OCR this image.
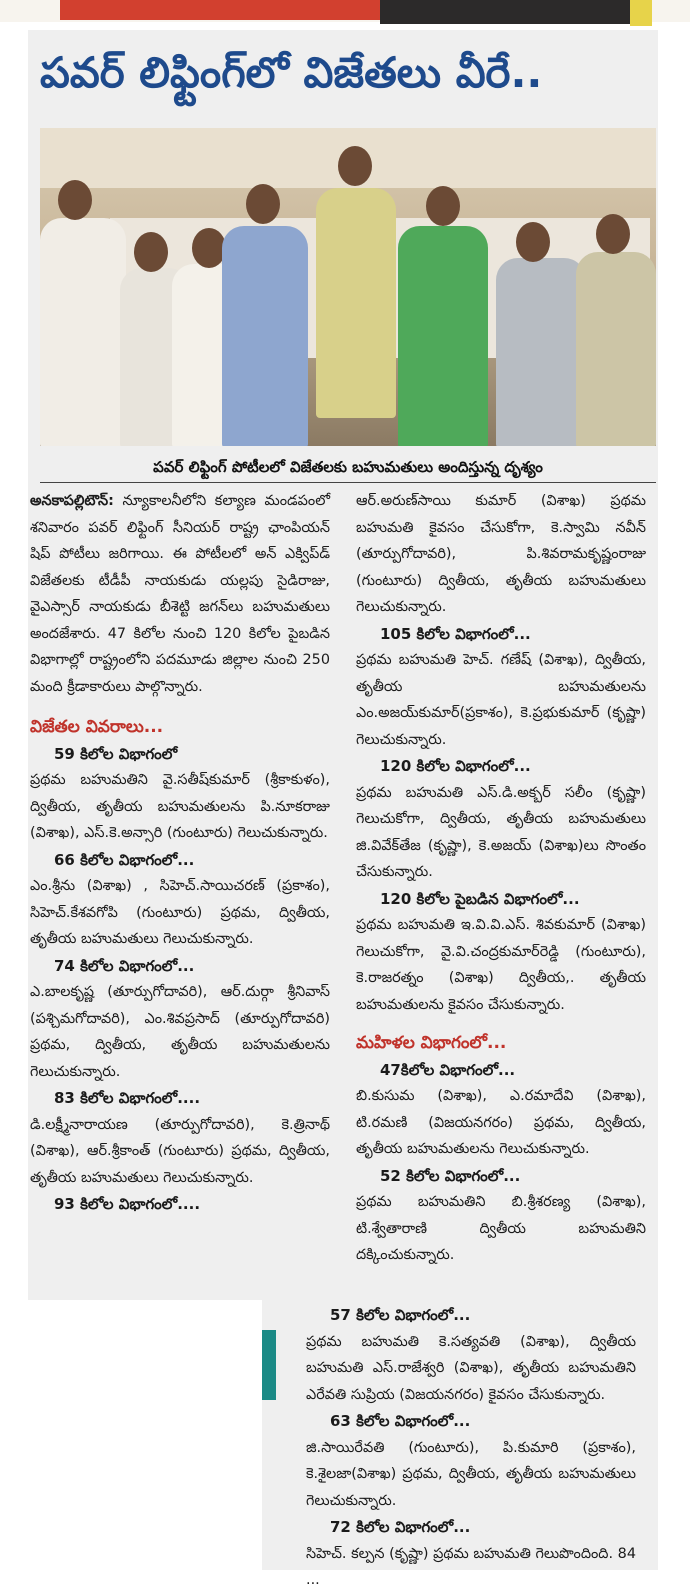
పవర్ లిఫ్టింగ్‌లో విజేతలు వీరే..
పవర్ లిఫ్టింగ్ పోటీలలో విజేతలకు బహుమతులు అందిస్తున్న దృశ్యం

అనకాపల్లిటౌన్: న్యూకాలనీలోని కల్యాణ మండపంలో శనివారం పవర్ లిఫ్టింగ్ సీనియర్ రాష్ట్ర ఛాంపియన్ షిప్ పోటీలు జరిగాయి. ఈ పోటీలలో అన్ ఎక్విప్‌డ్ విజేతలకు టీడీపీ నాయకుడు యల్లపు సైడిరాజు, వైఎస్సార్ నాయకుడు బీశెట్టి జగన్‌లు బహుమతులు అందజేశారు. 47 కిలోల నుంచి 120 కిలోల పైబడిన విభాగాల్లో రాష్ట్రంలోని పదమూడు జిల్లాల నుంచి 250 మంది క్రీడాకారులు పాల్గొన్నారు.

విజేతల వివరాలు...
59 కిలోల విభాగంలో

ప్రథమ బహుమతిని వై.సతీష్‌కుమార్ (శ్రీకాకుళం), ద్వితీయ, తృతీయ బహుమతులను పి.నూకరాజు (విశాఖ), ఎస్.కె.అన్సారి (గుంటూరు) గెలుచుకున్నారు.

66 కిలోల విభాగంలో...

ఎం.శ్రీను (విశాఖ) , సిహెచ్.సాయిచరణ్ (ప్రకాశం), సిహెచ్.కేశవగోపి (గుంటూరు) ప్రథమ, ద్వితీయ, తృతీయ బహుమతులు గెలుచుకున్నారు.

74 కిలోల విభాగంలో...

ఎ.బాలకృష్ణ (తూర్పుగోదావరి), ఆర్.దుర్గా శ్రీనివాస్ (పశ్చిమగోదావరి), ఎం.శివప్రసాద్ (తూర్పుగోదావరి) ప్రథమ, ద్వితీయ, తృతీయ బహుమతులను గెలుచుకున్నారు.

83 కిలోల విభాగంలో....

డి.లక్ష్మీనారాయణ (తూర్పుగోదావరి), కె.త్రినాథ్ (విశాఖ), ఆర్.శ్రీకాంత్ (గుంటూరు) ప్రథమ, ద్వితీయ, తృతీయ బహుమతులు గెలుచుకున్నారు.

93 కిలోల విభాగంలో....

ఆర్.అరుణ్‌సాయి కుమార్ (విశాఖ) ప్రథమ బహుమతి కైవసం చేసుకోగా, కె.స్వామి నవీన్ (తూర్పుగోదావరి), పి.శివరామకృష్ణంరాజు (గుంటూరు) ద్వితీయ, తృతీయ బహుమతులు గెలుచుకున్నారు.

105 కిలోల విభాగంలో...

ప్రథమ బహుమతి హెచ్. గణేష్ (విశాఖ), ద్వితీయ, తృతీయ బహుమతులను ఎం.అజయ్‌కుమార్(ప్రకాశం), కె.ప్రభుకుమార్ (కృష్ణా) గెలుచుకున్నారు.

120 కిలోల విభాగంలో...

ప్రథమ బహుమతి ఎస్.డి.అక్బర్ సలీం (కృష్ణా) గెలుచుకోగా, ద్వితీయ, తృతీయ బహుమతులు జి.వివేక్‌తేజ (కృష్ణా), కె.అజయ్ (విశాఖ)లు సొంతం చేసుకున్నారు.

120 కిలోల పైబడిన విభాగంలో...

ప్రథమ బహుమతి ఇ.వి.వి.ఎస్. శివకుమార్ (విశాఖ) గెలుచుకోగా, వై.వి.చంద్రకుమార్‌రెడ్డి (గుంటూరు), కె.రాజరత్నం (విశాఖ) ద్వితీయ,. తృతీయ బహుమతులను కైవసం చేసుకున్నారు.

మహిళల విభాగంలో...
47కిలోల విభాగంలో...

బి.కుసుమ (విశాఖ), ఎ.రమాదేవి (విశాఖ), టి.రమణి (విజయనగరం) ప్రథమ, ద్వితీయ, తృతీయ బహుమతులను గెలుచుకున్నారు.

52 కిలోల విభాగంలో...

ప్రథమ బహుమతిని బి.శ్రీశరణ్య (విశాఖ), టి.శ్వేతారాణి ద్వితీయ బహుమతిని దక్కించుకున్నారు.

57 కిలోల విభాగంలో...

ప్రథమ బహుమతి కె.సత్యవతి (విశాఖ), ద్వితీయ బహుమతి ఎస్.రాజేశ్వరి (విశాఖ), తృతీయ బహుమతిని ఎరేవతి సుప్రియ (విజయనగరం) కైవసం చేసుకున్నారు.

63 కిలోల విభాగంలో...

జి.సాయిరేవతి (గుంటూరు), పి.కుమారి (ప్రకాశం), కె.శైలజా(విశాఖ) ప్రథమ, ద్వితీయ, తృతీయ బహుమతులు గెలుచుకున్నారు.

72 కిలోల విభాగంలో...

సిహెచ్. కల్పన (కృష్ణా) ప్రథమ బహుమతి గెలుపొందింది. 84 ...
